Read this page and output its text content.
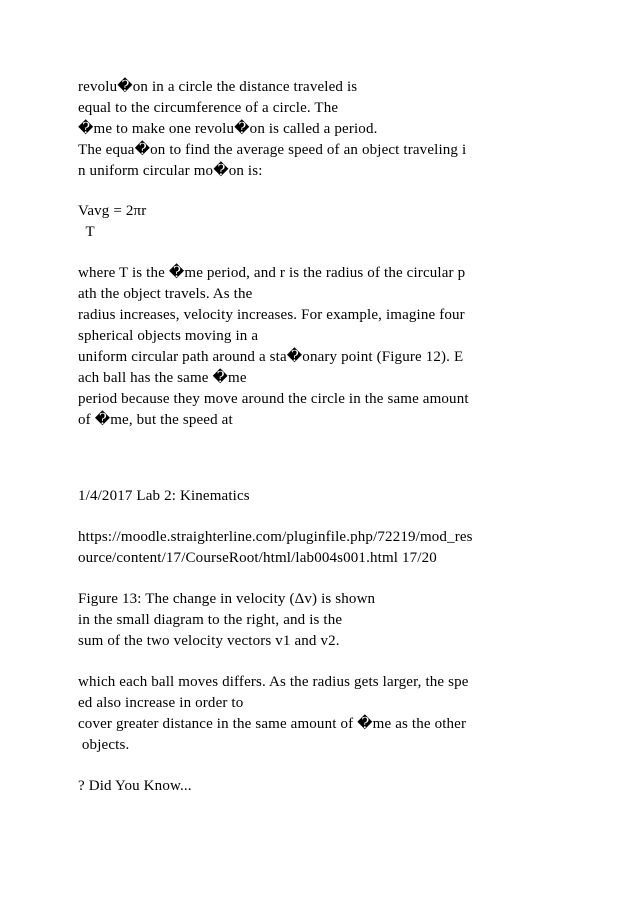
revolu�on in a circle the distance traveled is
equal to the circumference of a circle. The
�me to make one revolu�on is called a period.
The equa�on to find the average speed of an object traveling i
n uniform circular mo�on is:
Vavg = 2πr
T
where T is the �me period, and r is the radius of the circular p
ath the object travels. As the
radius increases, velocity increases. For example, imagine four
spherical objects moving in a
uniform circular path around a sta�onary point (Figure 12). E
ach ball has the same �me
period because they move around the circle in the same amount
of �me, but the speed at
1/4/2017 Lab 2: Kinematics
https://moodle.straighterline.com/pluginfile.php/72219/mod_res
ource/content/17/CourseRoot/html/lab004s001.html 17/20
Figure 13: The change in velocity (Δv) is shown
in the small diagram to the right, and is the
sum of the two velocity vectors v1 and v2.
which each ball moves differs. As the radius gets larger, the spe
ed also increase in order to
cover greater distance in the same amount of �me as the other
objects.
? Did You Know...
